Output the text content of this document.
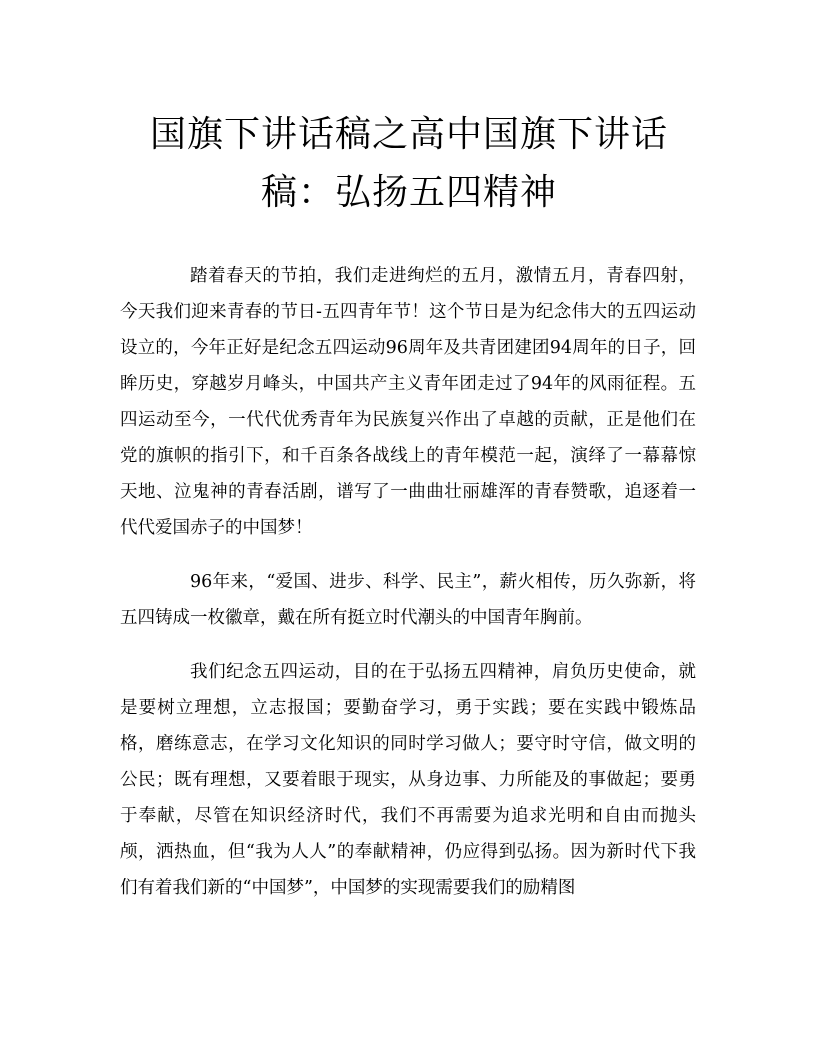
国旗下讲话稿之高中国旗下讲话稿：弘扬五四精神

踏着春天的节拍，我们走进绚烂的五月，激情五月，青春四射，今天我们迎来青春的节日-五四青年节！这个节日是为纪念伟大的五四运动设立的，今年正好是纪念五四运动96周年及共青团建团94周年的日子，回眸历史，穿越岁月峰头，中国共产主义青年团走过了94年的风雨征程。五四运动至今，一代代优秀青年为民族复兴作出了卓越的贡献，正是他们在党的旗帜的指引下，和千百条各战线上的青年模范一起，演绎了一幕幕惊天地、泣鬼神的青春活剧，谱写了一曲曲壮丽雄浑的青春赞歌，追逐着一代代爱国赤子的中国梦！

96年来，“爱国、进步、科学、民主”，薪火相传，历久弥新，将五四铸成一枚徽章，戴在所有挺立时代潮头的中国青年胸前。

我们纪念五四运动，目的在于弘扬五四精神，肩负历史使命，就是要树立理想，立志报国；要勤奋学习，勇于实践；要在实践中锻炼品格，磨练意志，在学习文化知识的同时学习做人；要守时守信，做文明的公民；既有理想，又要着眼于现实，从身边事、力所能及的事做起；要勇于奉献，尽管在知识经济时代，我们不再需要为追求光明和自由而抛头颅，洒热血，但“我为人人”的奉献精神，仍应得到弘扬。因为新时代下我们有着我们新的“中国梦”，中国梦的实现需要我们的励精图
